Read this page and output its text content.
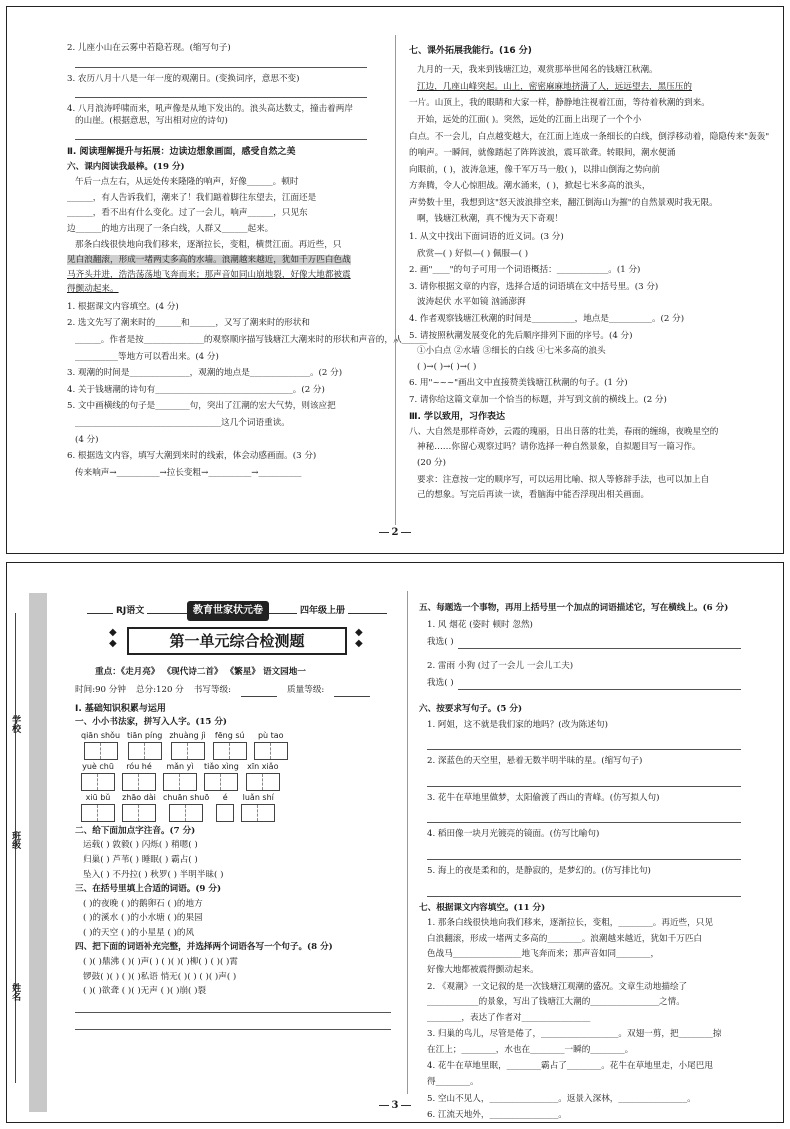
2. 儿座小山在云雾中若隐若现。(缩写句子)
3. 农历八月十八是一年一度的观潮日。(变换词序，意思不变)
4. 八月浪涛呼啸而来，吼声像是从地下发出的。浪头高达数丈，撞击着两岸
的山崖。(根据意思，写出相对应的诗句)
Ⅱ. 阅读理解提升与拓展：边读边想象画面，感受自然之美
六、课内阅读我最棒。(19 分)
午后一点左右，从远处传来隆隆的响声，好像______。顿时
______，有人告诉我们，潮来了！我们踮着脚往东望去，江面还是
______，看不出有什么变化。过了一会儿，响声______，只见东
边______的地方出现了一条白线，人群又______起来。
那条白线很快地向我们移来，逐渐拉长，变粗，横贯江面。再近些，只
见白浪翻滚，形成一堵两丈多高的水墙。浪潮越来越近，犹如千万匹白色战
马齐头并进，浩浩荡荡地飞奔而来；那声音如同山崩地裂，好像大地都被震
得颤动起来。
1. 根据课文内容填空。(4 分)
2. 选文先写了潮来时的______和______，又写了潮来时的形状和
______。作者是按______________的观察顺序描写钱塘江大潮来时的形状和声音的，从______
__________等地方可以看出来。(4 分)
3. 观潮的时间是______________，观潮的地点是______________。(2 分)
4. 关于钱塘潮的诗句有________________________________。(2 分)
5. 文中画横线的句子是________句，突出了江潮的宏大气势，则该应把
__________________________________这几个词语重读。
(4 分)
6. 根据选文内容，填写大潮到来时的线索，体会动感画面。(3 分)
传来响声→__________→拉长变粗→__________→__________
七、课外拓展我能行。(16 分)
九月的一天，我来到钱塘江边，观赏那举世闻名的钱塘江秋潮。
江边，几座山峰突起。山上，密密麻麻地挤满了人，远远望去，黑压压的
一片。山顶上，我的眼睛和大家一样，静静地注视着江面，等待着秋潮的到来。
开始，远处的江面( )。突然，远处的江面上出现了一个个小
白点。不一会儿，白点越变越大，在江面上连成一条细长的白线，倒浮移动着，隐隐传来"轰轰"
的响声。一瞬间，就像踏起了阵阵波浪，震耳欲聋。转眼间，潮水便涌
向眼前，( )，波涛急速，像千军万马一般( )，以排山倒海之势向前
方奔腾，令人心惊胆战。潮水涌来，( )，掀起七米多高的浪头，
声势数十里，我想到这"怒天波浪排空来，翻江倒海山为摧"的自然景观时我无限。
啊，钱塘江秋潮，真不愧为天下奇观！
1. 从文中找出下面词语的近义词。(3 分)
欣赏—( ) 好似—( ) 佩服—( )
2. 画"____"的句子可用一个词语概括：____________。(1 分)
3. 请你根据文章的内容，选择合适的词语填在文中括号里。(3 分)
波涛起伏 水平如镜 汹涌澎湃
4. 作者观察钱塘江秋潮的时间是__________，地点是__________。(2 分)
5. 请按照秋潮发展变化的先后顺序排列下面的序号。(4 分)
①小白点 ②水墙 ③细长的白线 ④七米多高的浪头
( )→( )→( )→( )
6. 用"~~~"画出文中直接赞美钱塘江秋潮的句子。(1 分)
7. 请你给这篇文章加一个恰当的标题，并写到文前的横线上。(2 分)
Ⅲ. 学以致用，习作表达
八、大自然是那样奇妙，云霞的瑰丽，日出日落的壮美，春雨的缠绵，夜晚星空的
神秘……你留心观察过吗？请你选择一种自然景象，自拟题目写一篇习作。
(20 分)
要求：注意按一定的顺序写，可以运用比喻、拟人等修辞手法，也可以加上自
己的想象。写完后再读一读，看脑海中能否浮现出相关画面。
2
学校
班级
姓名
RJ语文	教育世家状元卷	四年级上册
第一单元综合检测题
◆
◆
◆
◆
重点：《走月亮》 《现代诗二首》 《繁星》 语文园地一
时间:90 分钟 总分:120 分 书写等级:	质量等级:
Ⅰ. 基础知识积累与运用
一、小小书法家，拼写入人字。(15 分)
qiān shǒu tiān píng zhuàng jì fēng sú pù tao
yuè chū róu hé mǎn yì tiǎo xìng xīn xiǎo
xiū bǔ zhāo dài chuān shuō é luǎn shí
二、给下面加点字注音。(7 分)
运载( ) 敦毅( ) 闪烁( ) 稍嗯( )
归巢( ) 芦苇( ) 睡眠( ) 霸占( )
坠入( ) 不丹拉( ) 秋罗( ) 半明半昧( )
三、在括号里填上合适的词语。(9 分)
( )的夜晚 ( )的鹅卵石 ( )的地方
( )的溪水 ( )的小水塘 ( )的果园
( )的天空 ( )的小星星 ( )的风
四、把下面的词语补充完整，并选择两个词语各写一个句子。(8 分)
( )( )鼎沸 ( )( )声( ) ( )( )( )柳( ) ( )( )霄
锣鼓( )( ) ( )( )私语 悄无( )( ) ( )( )声( )
( )( )欲聋 ( )( )无声 ( )( )崩( )裂
五、每题选一个事物，再用上括号里一个加点的词语描述它，写在横线上。(6 分)
1. 风 烟花 (姿时 顿时 忽然)
我选( )
2. 雷雨 小狗 (过了一会儿 一会儿工夫)
我选( )
六、按要求写句子。(5 分)
1. 阿姐，这不就是我们家的地吗？(改为陈述句)
2. 深蓝色的天空里，悬着无数半明半昧的星。(缩写句子)
3. 花牛在草地里做梦，太阳偷渡了西山的青峰。(仿写拟人句)
4. 稻田像一块月光镀亮的镜面。(仿写比喻句)
5. 海上的夜是柔和的，是静寂的，是梦幻的。(仿写排比句)
七、根据课文内容填空。(11 分)
1. 那条白线很快地向我们移来，逐渐拉长，变粗，________。再近些，只见
白浪翻滚，形成一堵两丈多高的________。浪潮越来越近，犹如千万匹白
色战马________________地飞奔而来；那声音如同________，
好像大地都被震得颤动起来。
2. 《观潮》一文记叙的是一次钱塘江观潮的盛况。文章生动地描绘了
____________的景象，写出了钱塘江大潮的________________之情。
________，表达了作者对________________
3. 归巢的鸟儿，尽管是倦了，__________________。双翅一剪，把________掠
在江上；________，水也在________一瞬的________。
4. 花牛在草地里眠，________霸占了________。花牛在草地里走，小尾巴甩
得________。
5. 空山不见人，________________。返景入深林，________________。
6. 江流天地外，________________。
3
